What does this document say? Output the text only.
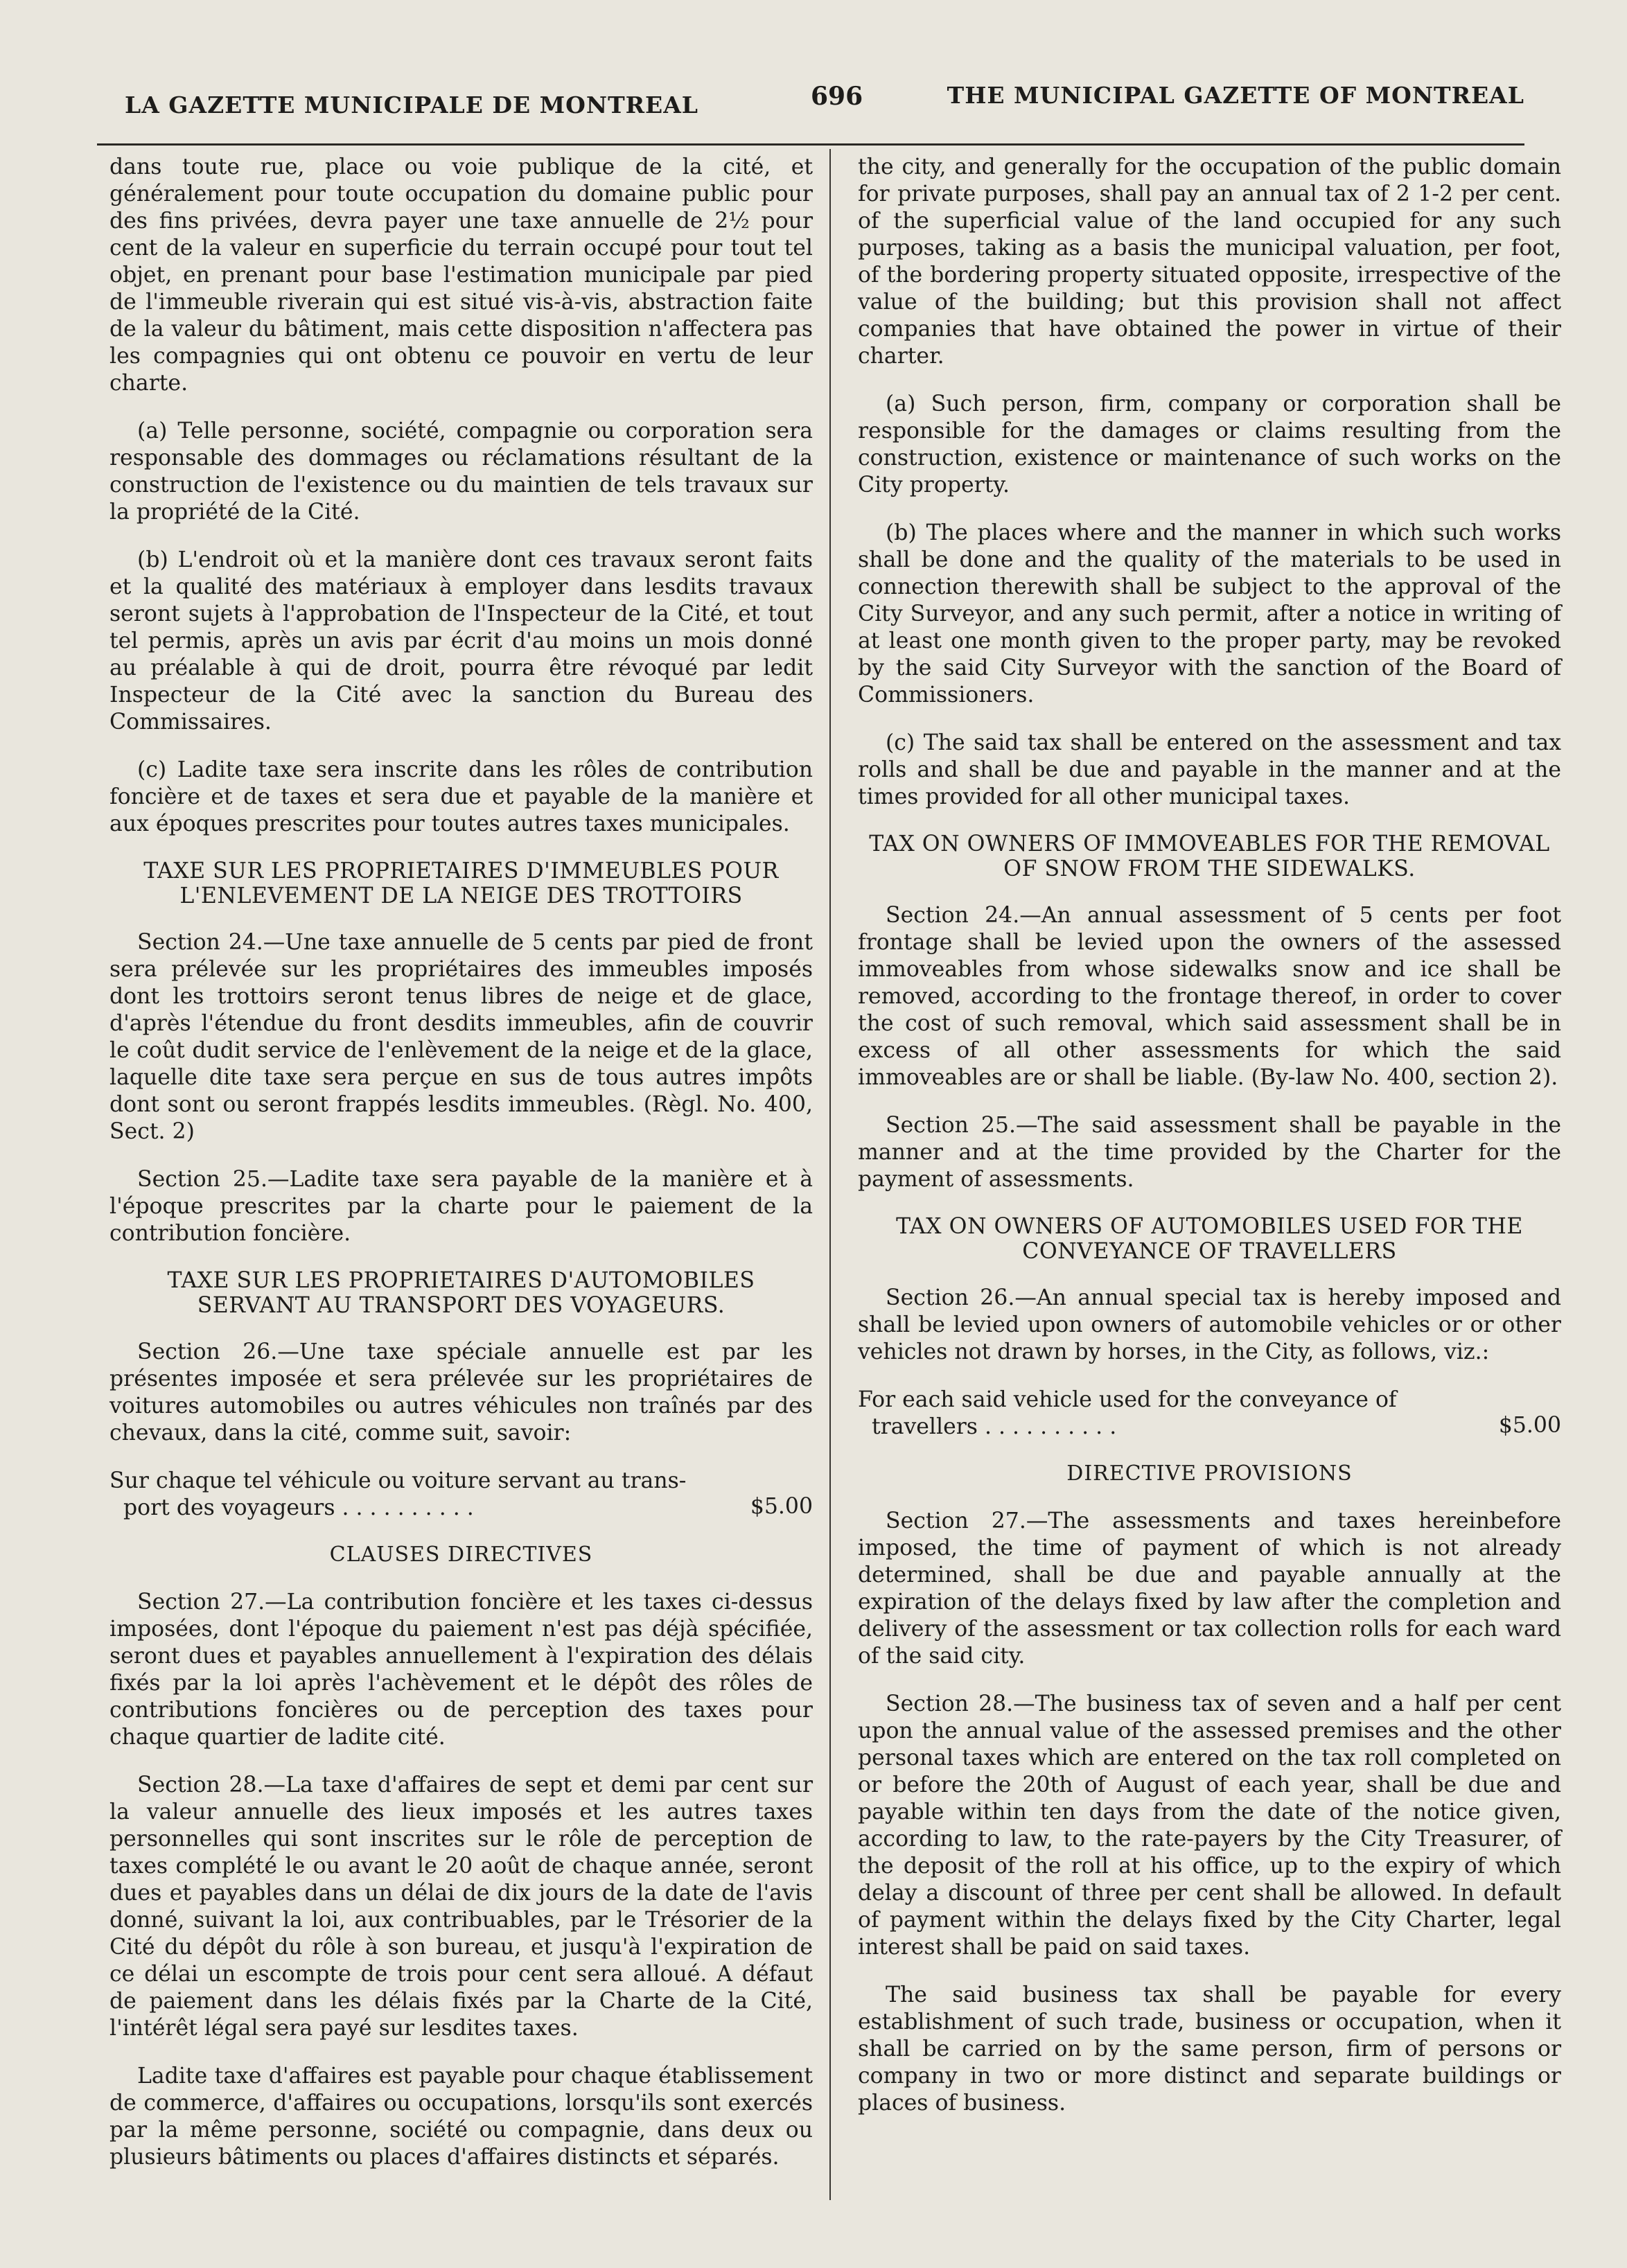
LA GAZETTE MUNICIPALE DE MONTREAL	696	THE MUNICIPAL GAZETTE OF MONTREAL

dans toute rue, place ou voie publique de la cité, et généralement pour toute occupation du domaine public pour des fins privées, devra payer une taxe annuelle de 2½ pour cent de la valeur en superficie du terrain occupé pour tout tel objet, en prenant pour base l'estimation municipale par pied de l'immeuble riverain qui est situé vis-à-vis, abstraction faite de la valeur du bâtiment, mais cette disposition n'affectera pas les compagnies qui ont obtenu ce pouvoir en vertu de leur charte.

(a) Telle personne, société, compagnie ou corporation sera responsable des dommages ou réclamations résultant de la construction de l'existence ou du maintien de tels travaux sur la propriété de la Cité.

(b) L'endroit où et la manière dont ces travaux seront faits et la qualité des matériaux à employer dans lesdits travaux seront sujets à l'approbation de l'Inspecteur de la Cité, et tout tel permis, après un avis par écrit d'au moins un mois donné au préalable à qui de droit, pourra être révoqué par ledit Inspecteur de la Cité avec la sanction du Bureau des Commissaires.

(c) Ladite taxe sera inscrite dans les rôles de contribution foncière et de taxes et sera due et payable de la manière et aux époques prescrites pour toutes autres taxes municipales.

TAXE SUR LES PROPRIETAIRES D'IMMEUBLES POUR L'ENLEVEMENT DE LA NEIGE DES TROTTOIRS

Section 24.—Une taxe annuelle de 5 cents par pied de front sera prélevée sur les propriétaires des immeubles imposés dont les trottoirs seront tenus libres de neige et de glace, d'après l'étendue du front desdits immeubles, afin de couvrir le coût dudit service de l'enlèvement de la neige et de la glace, laquelle dite taxe sera perçue en sus de tous autres impôts dont sont ou seront frappés lesdits immeubles. (Règl. No. 400, Sect. 2)

Section 25.—Ladite taxe sera payable de la manière et à l'époque prescrites par la charte pour le paiement de la contribution foncière.

TAXE SUR LES PROPRIETAIRES D'AUTOMOBILES SERVANT AU TRANSPORT DES VOYAGEURS.

Section 26.—Une taxe spéciale annuelle est par les présentes imposée et sera prélevée sur les propriétaires de voitures automobiles ou autres véhicules non traînés par des chevaux, dans la cité, comme suit, savoir:

Sur chaque tel véhicule ou voiture servant au trans-
port des voyageurs . . . . . . . . . .	$5.00
CLAUSES DIRECTIVES

Section 27.—La contribution foncière et les taxes ci-dessus imposées, dont l'époque du paiement n'est pas déjà spécifiée, seront dues et payables annuellement à l'expiration des délais fixés par la loi après l'achèvement et le dépôt des rôles de contributions foncières ou de perception des taxes pour chaque quartier de ladite cité.

Section 28.—La taxe d'affaires de sept et demi par cent sur la valeur annuelle des lieux imposés et les autres taxes personnelles qui sont inscrites sur le rôle de perception de taxes complété le ou avant le 20 août de chaque année, seront dues et payables dans un délai de dix jours de la date de l'avis donné, suivant la loi, aux contribuables, par le Trésorier de la Cité du dépôt du rôle à son bureau, et jusqu'à l'expiration de ce délai un escompte de trois pour cent sera alloué. A défaut de paiement dans les délais fixés par la Charte de la Cité, l'intérêt légal sera payé sur lesdites taxes.

Ladite taxe d'affaires est payable pour chaque établissement de commerce, d'affaires ou occupations, lorsqu'ils sont exercés par la même personne, société ou compagnie, dans deux ou plusieurs bâtiments ou places d'affaires distincts et séparés.

the city, and generally for the occupation of the public domain for private purposes, shall pay an annual tax of 2 1-2 per cent. of the superficial value of the land occupied for any such purposes, taking as a basis the municipal valuation, per foot, of the bordering property situated opposite, irrespective of the value of the building; but this provision shall not affect companies that have obtained the power in virtue of their charter.

(a) Such person, firm, company or corporation shall be responsible for the damages or claims resulting from the construction, existence or maintenance of such works on the City property.

(b) The places where and the manner in which such works shall be done and the quality of the materials to be used in connection therewith shall be subject to the approval of the City Surveyor, and any such permit, after a notice in writing of at least one month given to the proper party, may be revoked by the said City Surveyor with the sanction of the Board of Commissioners.

(c) The said tax shall be entered on the assessment and tax rolls and shall be due and payable in the manner and at the times provided for all other municipal taxes.

TAX ON OWNERS OF IMMOVEABLES FOR THE REMOVAL OF SNOW FROM THE SIDEWALKS.

Section 24.—An annual assessment of 5 cents per foot frontage shall be levied upon the owners of the assessed immoveables from whose sidewalks snow and ice shall be removed, according to the frontage thereof, in order to cover the cost of such removal, which said assessment shall be in excess of all other assessments for which the said immoveables are or shall be liable. (By-law No. 400, section 2).

Section 25.—The said assessment shall be payable in the manner and at the time provided by the Charter for the payment of assessments.

TAX ON OWNERS OF AUTOMOBILES USED FOR THE CONVEYANCE OF TRAVELLERS

Section 26.—An annual special tax is hereby imposed and shall be levied upon owners of automobile vehicles or or other vehicles not drawn by horses, in the City, as follows, viz.:

For each said vehicle used for the conveyance of
travellers . . . . . . . . . .	$5.00
DIRECTIVE PROVISIONS

Section 27.—The assessments and taxes hereinbefore imposed, the time of payment of which is not already determined, shall be due and payable annually at the expiration of the delays fixed by law after the completion and delivery of the assessment or tax collection rolls for each ward of the said city.

Section 28.—The business tax of seven and a half per cent upon the annual value of the assessed premises and the other personal taxes which are entered on the tax roll completed on or before the 20th of August of each year, shall be due and payable within ten days from the date of the notice given, according to law, to the rate-payers by the City Treasurer, of the deposit of the roll at his office, up to the expiry of which delay a discount of three per cent shall be allowed. In default of payment within the delays fixed by the City Charter, legal interest shall be paid on said taxes.

The said business tax shall be payable for every establishment of such trade, business or occupation, when it shall be carried on by the same person, firm of persons or company in two or more distinct and separate buildings or places of business.
